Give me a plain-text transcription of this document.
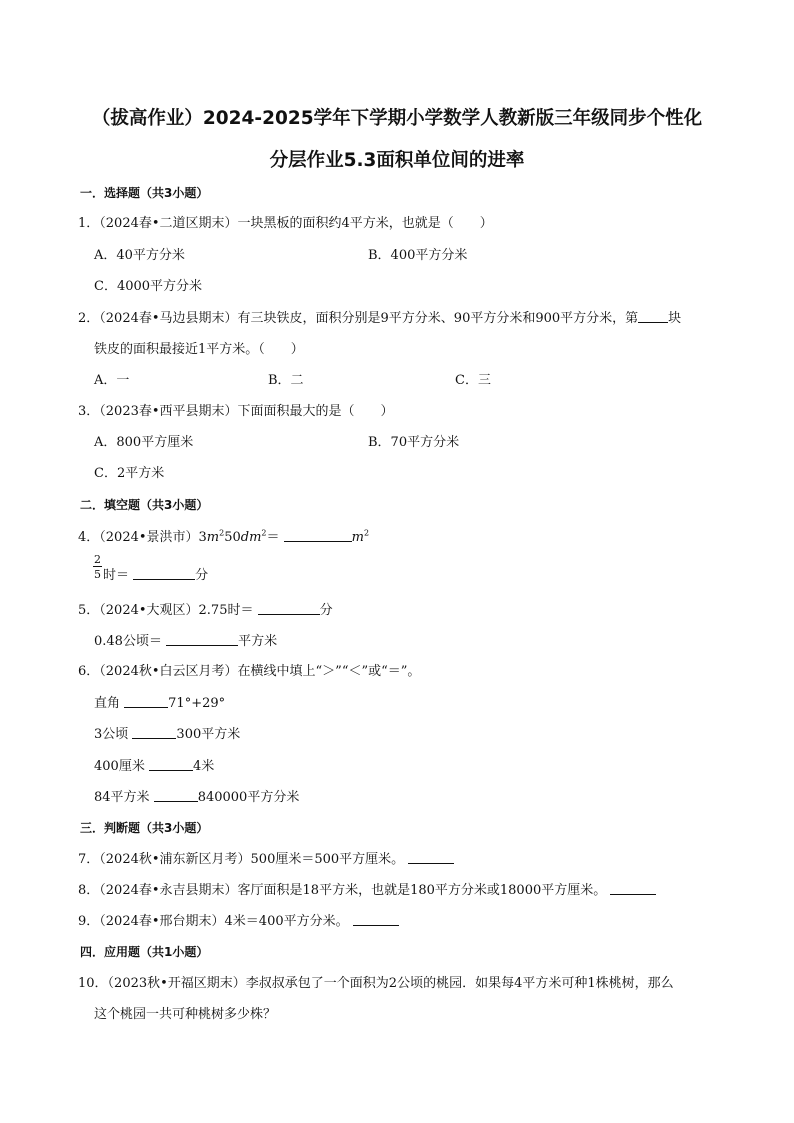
（拔高作业）2024-2025学年下学期小学数学人教新版三年级同步个性化
分层作业5.3面积单位间的进率
一．选择题（共3小题）
1．（2024春•二道区期末）一块黑板的面积约4平方米，也就是（　　）
A．40平方分米	B．400平方分米
C．4000平方分米
2．（2024春•马边县期末）有三块铁皮，面积分别是9平方分米、90平方分米和900平方分米，第 块
铁皮的面积最接近1平方米。（　　）
A．一	B．二	C．三
3．（2023春•西平县期末）下面面积最大的是（　　）
A．800平方厘米	B．70平方分米
C．2平方米
二．填空题（共3小题）
4．（2024•景洪市）$3m^250dm^2=$	$m^2$
2
5 时＝	分
5．（2024•大观区）2.75时＝	分
0.48公顷＝	平方米
6．（2024秋•白云区月考）在横线中填上“＞”“＜”或“＝”。
直角	71°+29°
3公顷	300平方米
400厘米	4米
84平方米	840000平方分米
三．判断题（共3小题）
7．（2024秋•浦东新区月考）500厘米＝500平方厘米。
8．（2024春•永吉县期末）客厅面积是18平方米，也就是180平方分米或18000平方厘米。
9．（2024春•邢台期末）4米＝400平方分米。
四．应用题（共1小题）
10．（2023秋•开福区期末）李叔叔承包了一个面积为2公顷的桃园．如果每4平方米可种1株桃树，那么
这个桃园一共可种桃树多少株？
